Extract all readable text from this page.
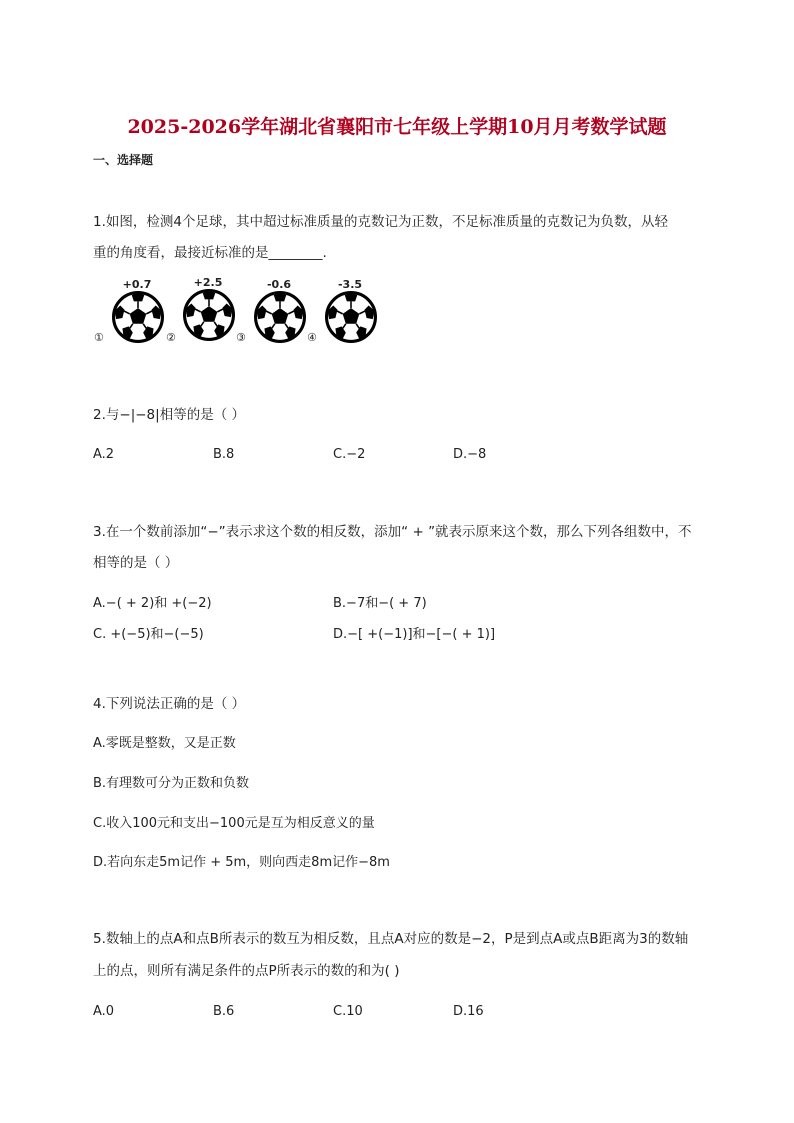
2025-2026学年湖北省襄阳市七年级上学期10月月考数学试题
一、选择题
1.如图，检测4个足球，其中超过标准质量的克数记为正数，不足标准质量的克数记为负数，从轻
重的角度看，最接近标准的是________.
+0.7	+2.5	-0.6	-3.5
①	②	③	④
2.与−|−8|相等的是（ ）
A.2	B.8	C.−2	D.−8
3.在一个数前添加“−”表示求这个数的相反数，添加“ + ”就表示原来这个数，那么下列各组数中，不
相等的是（ ）
A.−( + 2)和 +(−2)	B.−7和−( + 7)
C. +(−5)和−(−5)	D.−[ +(−1)]和−[−( + 1)]
4.下列说法正确的是（ ）
A.零既是整数，又是正数
B.有理数可分为正数和负数
C.收入100元和支出−100元是互为相反意义的量
D.若向东走5m记作 + 5m，则向西走8m记作−8m
5.数轴上的点A和点B所表示的数互为相反数，且点A对应的数是−2，P是到点A或点B距离为3的数轴
上的点，则所有满足条件的点P所表示的数的和为( )
A.0	B.6	C.10	D.16
